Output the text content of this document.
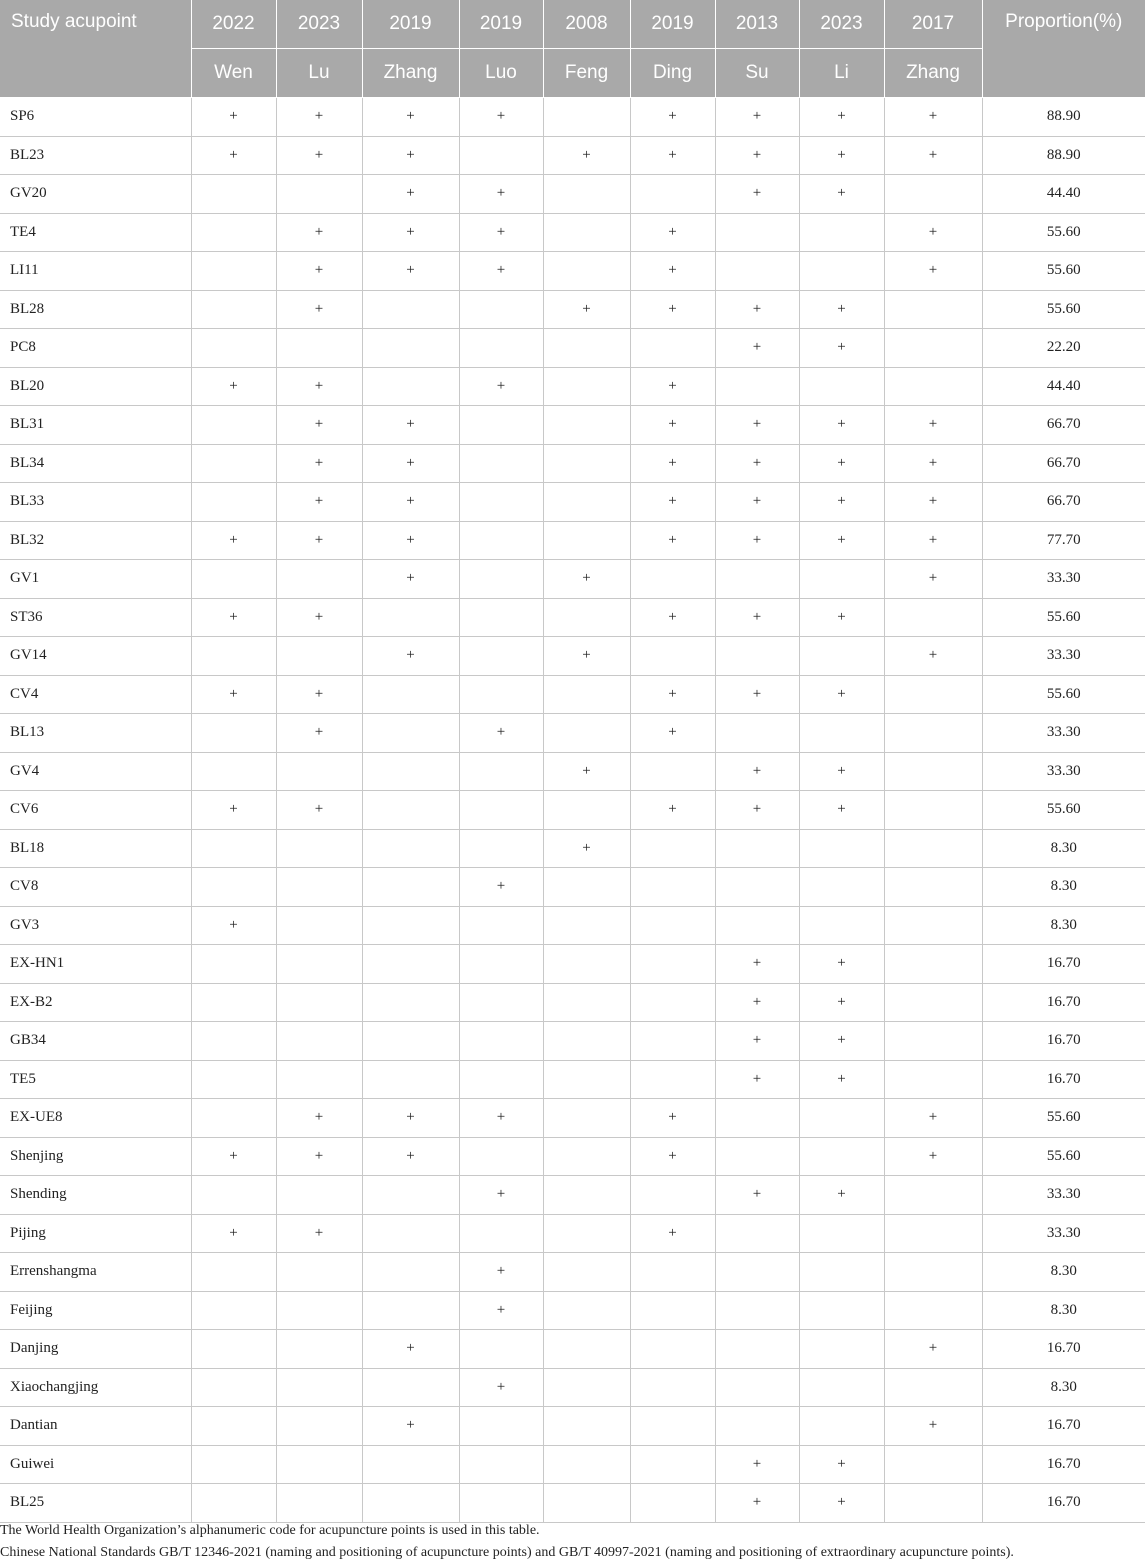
Study acupoint	2022	2023	2019	2019	2008	2019	2013	2023	2017	Proportion(%)
	Wen	Lu	Zhang	Luo	Feng	Ding	Su	Li	Zhang	
SP6	+	+	+	+		+	+	+	+	88.90
BL23	+	+	+		+	+	+	+	+	88.90
GV20			+	+			+	+		44.40
TE4		+	+	+		+			+	55.60
LI11		+	+	+		+			+	55.60
BL28		+			+	+	+	+		55.60
PC8							+	+		22.20
BL20	+	+		+		+				44.40
BL31		+	+			+	+	+	+	66.70
BL34		+	+			+	+	+	+	66.70
BL33		+	+			+	+	+	+	66.70
BL32	+	+	+			+	+	+	+	77.70
GV1			+		+				+	33.30
ST36	+	+				+	+	+		55.60
GV14			+		+				+	33.30
CV4	+	+				+	+	+		55.60
BL13		+		+		+				33.30
GV4					+		+	+		33.30
CV6	+	+				+	+	+		55.60
BL18					+					8.30
CV8				+						8.30
GV3	+									8.30
EX-HN1							+	+		16.70
EX-B2							+	+		16.70
GB34							+	+		16.70
TE5							+	+		16.70
EX-UE8		+	+	+		+			+	55.60
Shenjing	+	+	+			+			+	55.60
Shending				+			+	+		33.30
Pijing	+	+				+				33.30
Errenshangma				+						8.30
Feijing				+						8.30
Danjing			+						+	16.70
Xiaochangjing				+						8.30
Dantian			+						+	16.70
Guiwei							+	+		16.70
BL25							+	+		16.70
The World Health Organization’s alphanumeric code for acupuncture points is used in this table.
Chinese National Standards GB/T 12346-2021 (naming and positioning of acupuncture points) and GB/T 40997-2021 (naming and positioning of extraordinary acupuncture points).
